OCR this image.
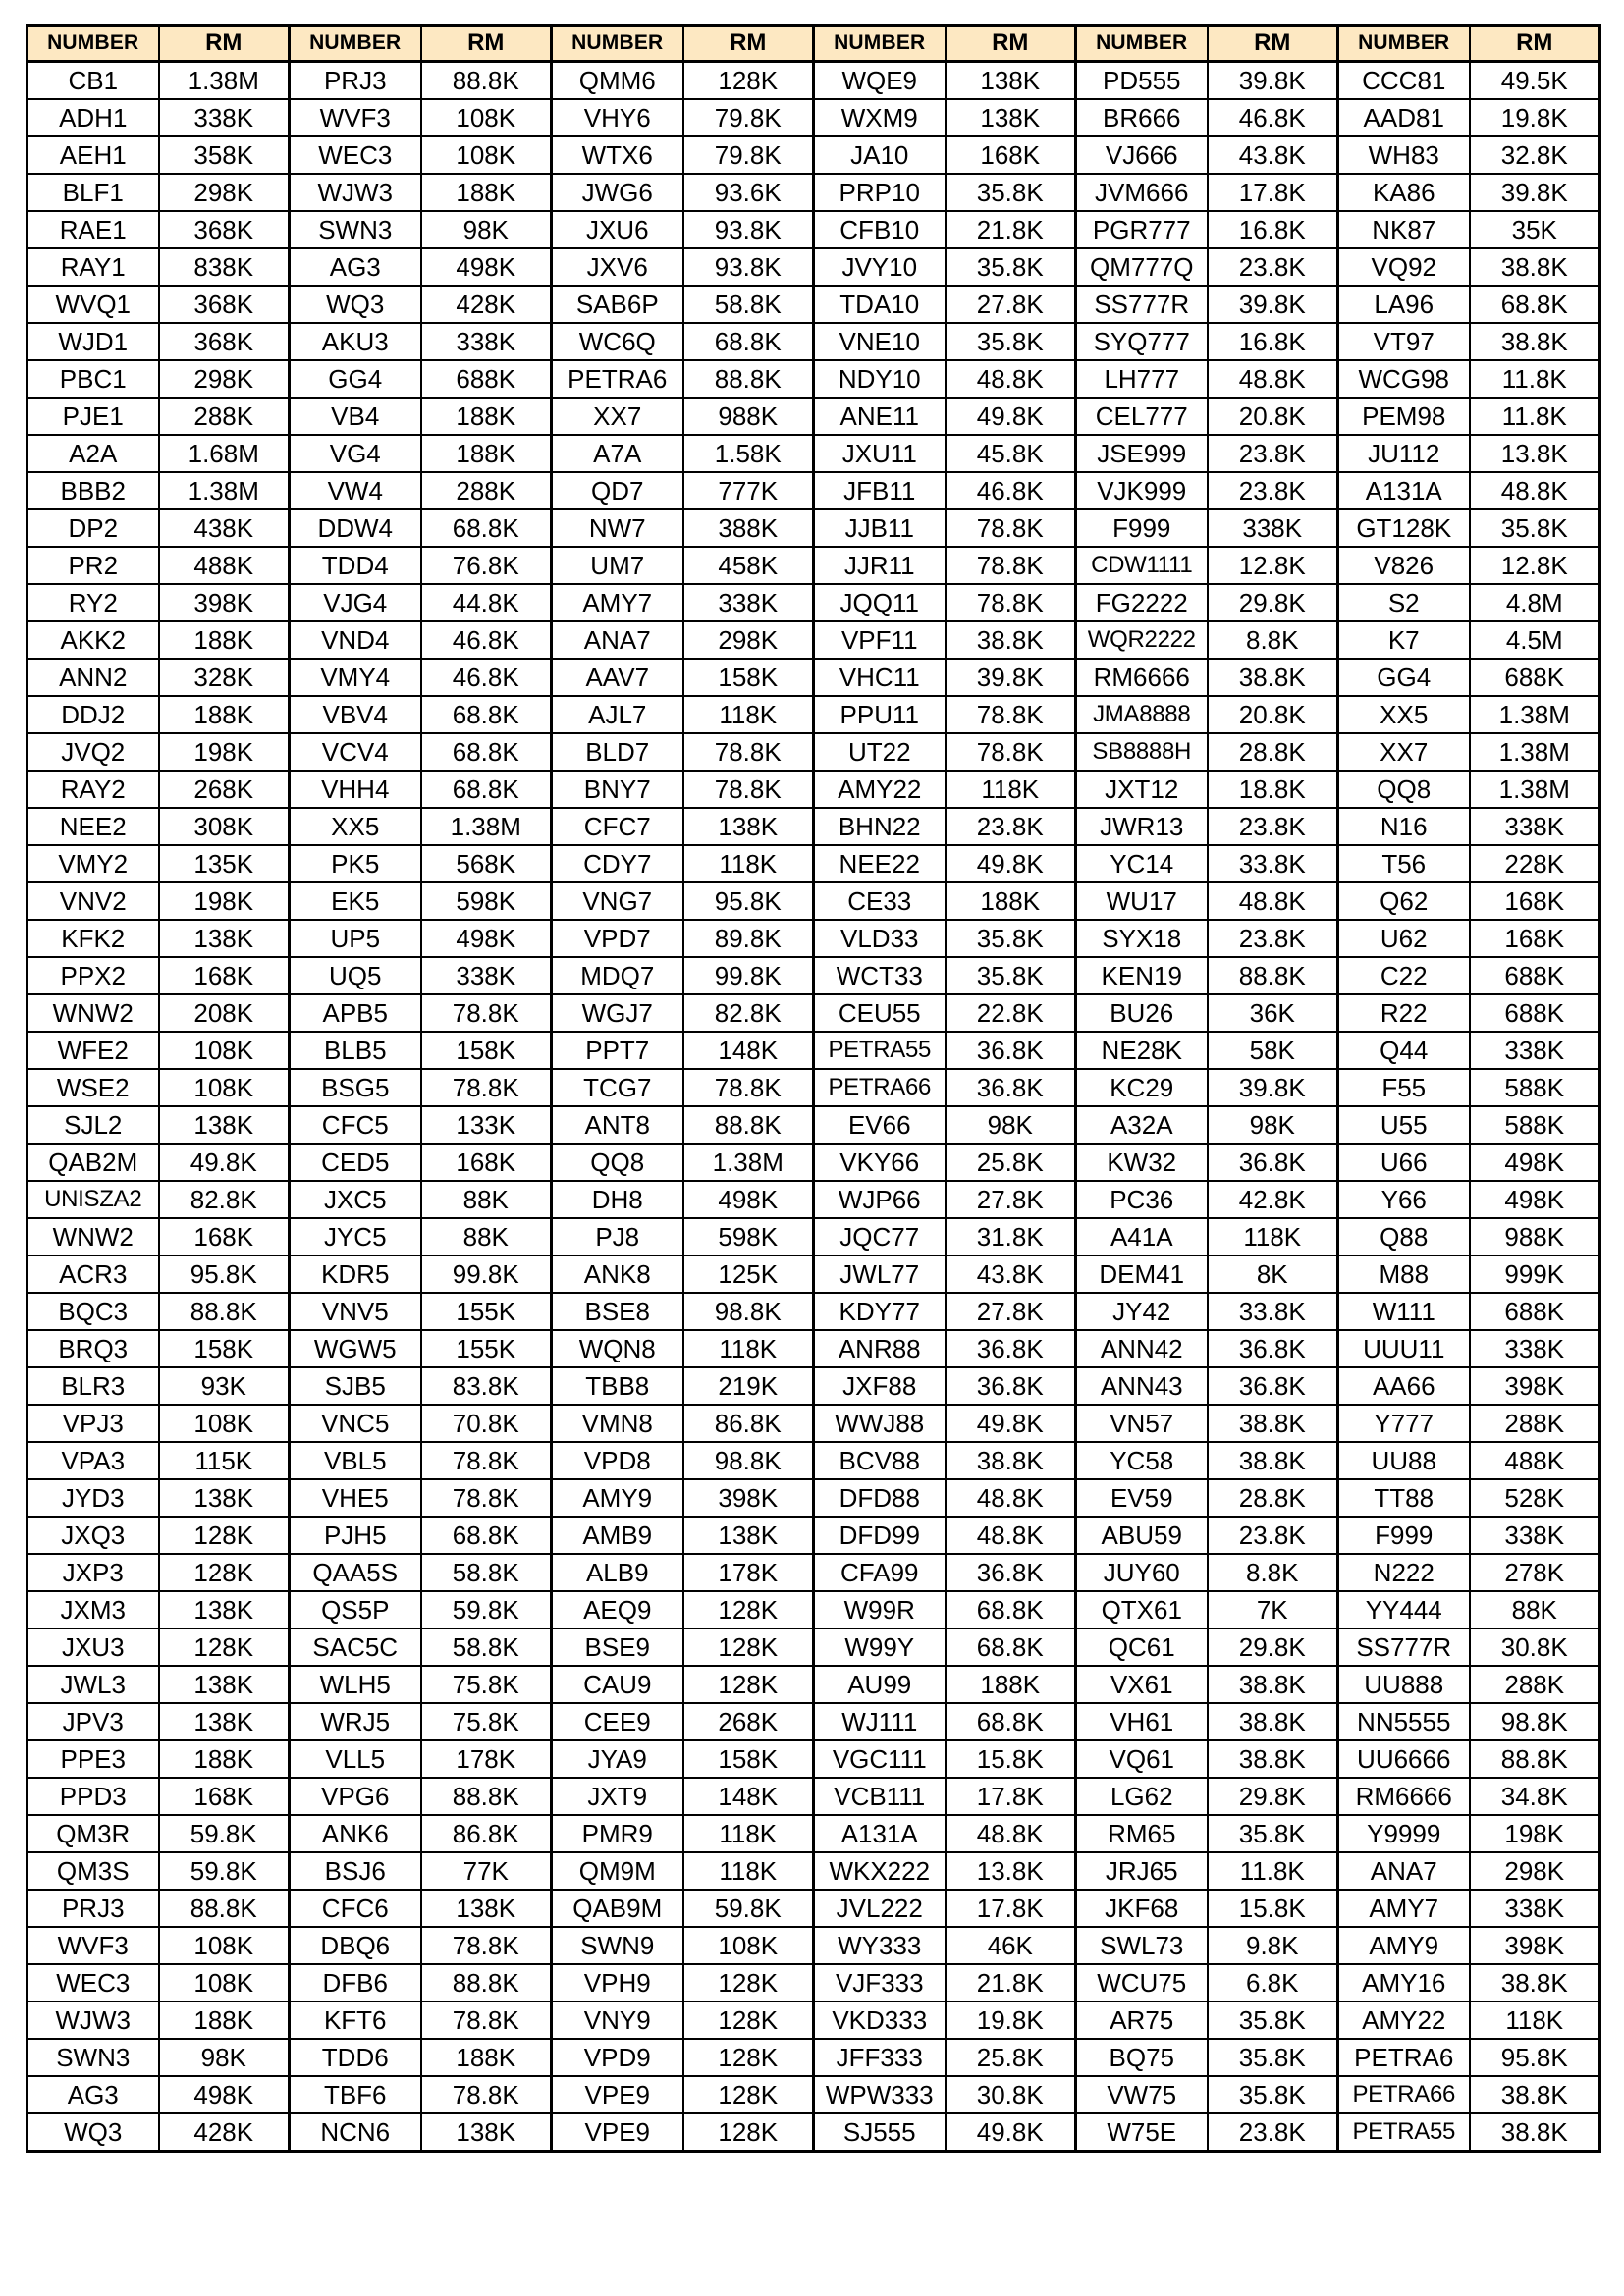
NUMBER	RM	NUMBER	RM	NUMBER	RM	NUMBER	RM	NUMBER	RM	NUMBER	RM
CB1	1.38M	PRJ3	88.8K	QMM6	128K	WQE9	138K	PD555	39.8K	CCC81	49.5K
ADH1	338K	WVF3	108K	VHY6	79.8K	WXM9	138K	BR666	46.8K	AAD81	19.8K
AEH1	358K	WEC3	108K	WTX6	79.8K	JA10	168K	VJ666	43.8K	WH83	32.8K
BLF1	298K	WJW3	188K	JWG6	93.6K	PRP10	35.8K	JVM666	17.8K	KA86	39.8K
RAE1	368K	SWN3	98K	JXU6	93.8K	CFB10	21.8K	PGR777	16.8K	NK87	35K
RAY1	838K	AG3	498K	JXV6	93.8K	JVY10	35.8K	QM777Q	23.8K	VQ92	38.8K
WVQ1	368K	WQ3	428K	SAB6P	58.8K	TDA10	27.8K	SS777R	39.8K	LA96	68.8K
WJD1	368K	AKU3	338K	WC6Q	68.8K	VNE10	35.8K	SYQ777	16.8K	VT97	38.8K
PBC1	298K	GG4	688K	PETRA6	88.8K	NDY10	48.8K	LH777	48.8K	WCG98	11.8K
PJE1	288K	VB4	188K	XX7	988K	ANE11	49.8K	CEL777	20.8K	PEM98	11.8K
A2A	1.68M	VG4	188K	A7A	1.58K	JXU11	45.8K	JSE999	23.8K	JU112	13.8K
BBB2	1.38M	VW4	288K	QD7	777K	JFB11	46.8K	VJK999	23.8K	A131A	48.8K
DP2	438K	DDW4	68.8K	NW7	388K	JJB11	78.8K	F999	338K	GT128K	35.8K
PR2	488K	TDD4	76.8K	UM7	458K	JJR11	78.8K	CDW1111	12.8K	V826	12.8K
RY2	398K	VJG4	44.8K	AMY7	338K	JQQ11	78.8K	FG2222	29.8K	S2	4.8M
AKK2	188K	VND4	46.8K	ANA7	298K	VPF11	38.8K	WQR2222	8.8K	K7	4.5M
ANN2	328K	VMY4	46.8K	AAV7	158K	VHC11	39.8K	RM6666	38.8K	GG4	688K
DDJ2	188K	VBV4	68.8K	AJL7	118K	PPU11	78.8K	JMA8888	20.8K	XX5	1.38M
JVQ2	198K	VCV4	68.8K	BLD7	78.8K	UT22	78.8K	SB8888H	28.8K	XX7	1.38M
RAY2	268K	VHH4	68.8K	BNY7	78.8K	AMY22	118K	JXT12	18.8K	QQ8	1.38M
NEE2	308K	XX5	1.38M	CFC7	138K	BHN22	23.8K	JWR13	23.8K	N16	338K
VMY2	135K	PK5	568K	CDY7	118K	NEE22	49.8K	YC14	33.8K	T56	228K
VNV2	198K	EK5	598K	VNG7	95.8K	CE33	188K	WU17	48.8K	Q62	168K
KFK2	138K	UP5	498K	VPD7	89.8K	VLD33	35.8K	SYX18	23.8K	U62	168K
PPX2	168K	UQ5	338K	MDQ7	99.8K	WCT33	35.8K	KEN19	88.8K	C22	688K
WNW2	208K	APB5	78.8K	WGJ7	82.8K	CEU55	22.8K	BU26	36K	R22	688K
WFE2	108K	BLB5	158K	PPT7	148K	PETRA55	36.8K	NE28K	58K	Q44	338K
WSE2	108K	BSG5	78.8K	TCG7	78.8K	PETRA66	36.8K	KC29	39.8K	F55	588K
SJL2	138K	CFC5	133K	ANT8	88.8K	EV66	98K	A32A	98K	U55	588K
QAB2M	49.8K	CED5	168K	QQ8	1.38M	VKY66	25.8K	KW32	36.8K	U66	498K
UNISZA2	82.8K	JXC5	88K	DH8	498K	WJP66	27.8K	PC36	42.8K	Y66	498K
WNW2	168K	JYC5	88K	PJ8	598K	JQC77	31.8K	A41A	118K	Q88	988K
ACR3	95.8K	KDR5	99.8K	ANK8	125K	JWL77	43.8K	DEM41	8K	M88	999K
BQC3	88.8K	VNV5	155K	BSE8	98.8K	KDY77	27.8K	JY42	33.8K	W111	688K
BRQ3	158K	WGW5	155K	WQN8	118K	ANR88	36.8K	ANN42	36.8K	UUU11	338K
BLR3	93K	SJB5	83.8K	TBB8	219K	JXF88	36.8K	ANN43	36.8K	AA66	398K
VPJ3	108K	VNC5	70.8K	VMN8	86.8K	WWJ88	49.8K	VN57	38.8K	Y777	288K
VPA3	115K	VBL5	78.8K	VPD8	98.8K	BCV88	38.8K	YC58	38.8K	UU88	488K
JYD3	138K	VHE5	78.8K	AMY9	398K	DFD88	48.8K	EV59	28.8K	TT88	528K
JXQ3	128K	PJH5	68.8K	AMB9	138K	DFD99	48.8K	ABU59	23.8K	F999	338K
JXP3	128K	QAA5S	58.8K	ALB9	178K	CFA99	36.8K	JUY60	8.8K	N222	278K
JXM3	138K	QS5P	59.8K	AEQ9	128K	W99R	68.8K	QTX61	7K	YY444	88K
JXU3	128K	SAC5C	58.8K	BSE9	128K	W99Y	68.8K	QC61	29.8K	SS777R	30.8K
JWL3	138K	WLH5	75.8K	CAU9	128K	AU99	188K	VX61	38.8K	UU888	288K
JPV3	138K	WRJ5	75.8K	CEE9	268K	WJ111	68.8K	VH61	38.8K	NN5555	98.8K
PPE3	188K	VLL5	178K	JYA9	158K	VGC111	15.8K	VQ61	38.8K	UU6666	88.8K
PPD3	168K	VPG6	88.8K	JXT9	148K	VCB111	17.8K	LG62	29.8K	RM6666	34.8K
QM3R	59.8K	ANK6	86.8K	PMR9	118K	A131A	48.8K	RM65	35.8K	Y9999	198K
QM3S	59.8K	BSJ6	77K	QM9M	118K	WKX222	13.8K	JRJ65	11.8K	ANA7	298K
PRJ3	88.8K	CFC6	138K	QAB9M	59.8K	JVL222	17.8K	JKF68	15.8K	AMY7	338K
WVF3	108K	DBQ6	78.8K	SWN9	108K	WY333	46K	SWL73	9.8K	AMY9	398K
WEC3	108K	DFB6	88.8K	VPH9	128K	VJF333	21.8K	WCU75	6.8K	AMY16	38.8K
WJW3	188K	KFT6	78.8K	VNY9	128K	VKD333	19.8K	AR75	35.8K	AMY22	118K
SWN3	98K	TDD6	188K	VPD9	128K	JFF333	25.8K	BQ75	35.8K	PETRA6	95.8K
AG3	498K	TBF6	78.8K	VPE9	128K	WPW333	30.8K	VW75	35.8K	PETRA66	38.8K
WQ3	428K	NCN6	138K	VPE9	128K	SJ555	49.8K	W75E	23.8K	PETRA55	38.8K
